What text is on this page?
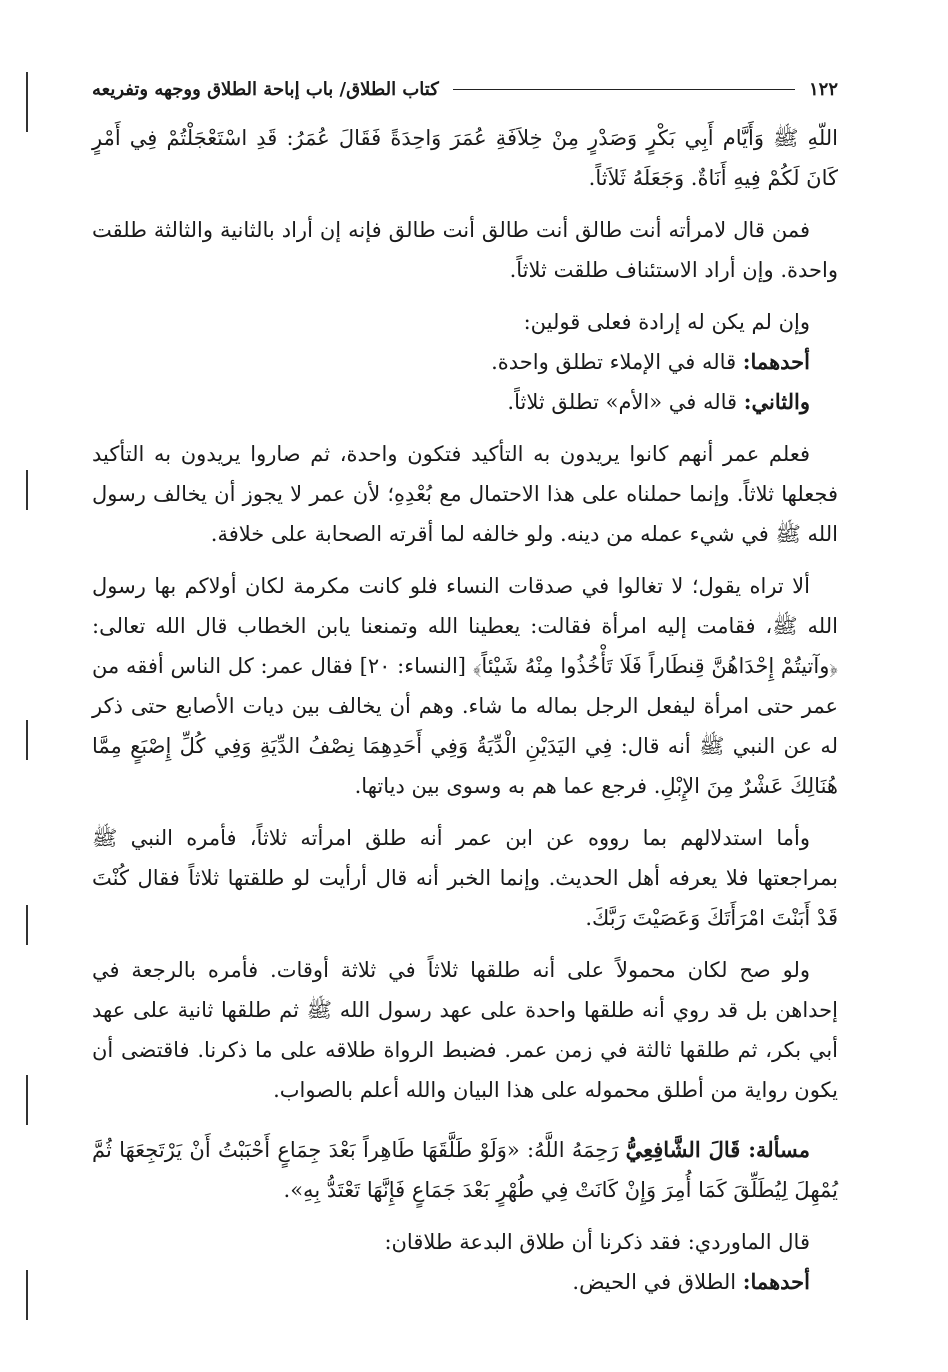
١٢٢
كتاب الطلاق/ باب إباحة الطلاق ووجهه وتفريعه

اللّهِ ﷺ وَأَيَّام أَبِي بَكْرٍ وَصَدْرٍ مِنْ خِلاَفَةِ عُمَرَ وَاحِدَةً فَقَالَ عُمَرُ: قَدِ اسْتَعْجَلْتُمْ فِي أَمْرٍ كَانَ لَكُمْ فِيهِ أَنَاةٌ. وَجَعَلَهُ ثَلاَثاً.

فمن قال لامرأته أنت طالق أنت طالق أنت طالق فإنه إن أراد بالثانية والثالثة طلقت واحدة. وإن أراد الاستئناف طلقت ثلاثاً.

وإن لم يكن له إرادة فعلى قولين:

أحدهما: قاله في الإملاء تطلق واحدة.

والثاني: قاله في «الأم» تطلق ثلاثاً.

فعلم عمر أنهم كانوا يريدون به التأكيد فتكون واحدة، ثم صاروا يريدون به التأكيد فجعلها ثلاثاً. وإنما حملناه على هذا الاحتمال مع بُعْدِهِ؛ لأن عمر لا يجوز أن يخالف رسول الله ﷺ في شيء عمله من دينه. ولو خالفه لما أقرته الصحابة على خلافة.

ألا تراه يقول؛ لا تغالوا في صدقات النساء فلو كانت مكرمة لكان أولاكم بها رسول الله ﷺ، فقامت إليه امرأة فقالت: يعطينا الله وتمنعنا يابن الخطاب قال الله تعالى: ﴿وآتيتُمْ إِحْدَاهُنَّ قِنطَاراً فَلَا تَأْخُذُوا مِنْهُ شَيْئاً﴾ [النساء: ٢٠] فقال عمر: كل الناس أفقه من عمر حتى امرأة ليفعل الرجل بماله ما شاء. وهم أن يخالف بين ديات الأصابع حتى ذكر له عن النبي ﷺ أنه قال: فِي اليَدَيْنِ الْدِّيَةُ وَفِي أَحَدِهِمَا نِصْفُ الدِّيَةِ وَفِي كُلِّ إِصْبَعٍ مِمَّا هُنَالِكَ عَشْرٌ مِنَ الإِبْلِ. فرجع عما هم به وسوى بين دياتها.

وأما استدلالهم بما رووه عن ابن عمر أنه طلق امرأته ثلاثاً، فأمره النبي ﷺ بمراجعتها فلا يعرفه أهل الحديث. وإنما الخبر أنه قال أرأيت لو طلقتها ثلاثاً فقال كُنْتَ قَدْ أَبَنْتَ امْرَأَتَكَ وَعَصَيْتَ رَبَّكَ.

ولو صح لكان محمولاً على أنه طلقها ثلاثاً في ثلاثة أوقات. فأمره بالرجعة في إحداهن بل قد روي أنه طلقها واحدة على عهد رسول الله ﷺ ثم طلقها ثانية على عهد أبي بكر، ثم طلقها ثالثة في زمن عمر. فضبط الرواة طلاقه على ما ذكرنا. فاقتضى أن يكون رواية من أطلق محموله على هذا البيان والله أعلم بالصواب.

مسألة: قَالَ الشَّافِعِيُّ رَحِمَهُ اللَّهُ: «وَلَوْ طَلَّقَهَا طَاهِراً بَعْدَ جِمَاعٍ أَحْبَبْتُ أَنْ يَرْتَجِعَهَا ثُمَّ يُمْهِلَ لِيُطَلِّقَ كَمَا أُمِرَ وَإِنْ كَانَتْ فِي طُهْرٍ بَعْدَ جَمَاعٍ فَإِنَّهَا تَعْتَدُّ بِهِ».

قال الماوردي: فقد ذكرنا أن طلاق البدعة طلاقان:

أحدهما: الطلاق في الحيض.
